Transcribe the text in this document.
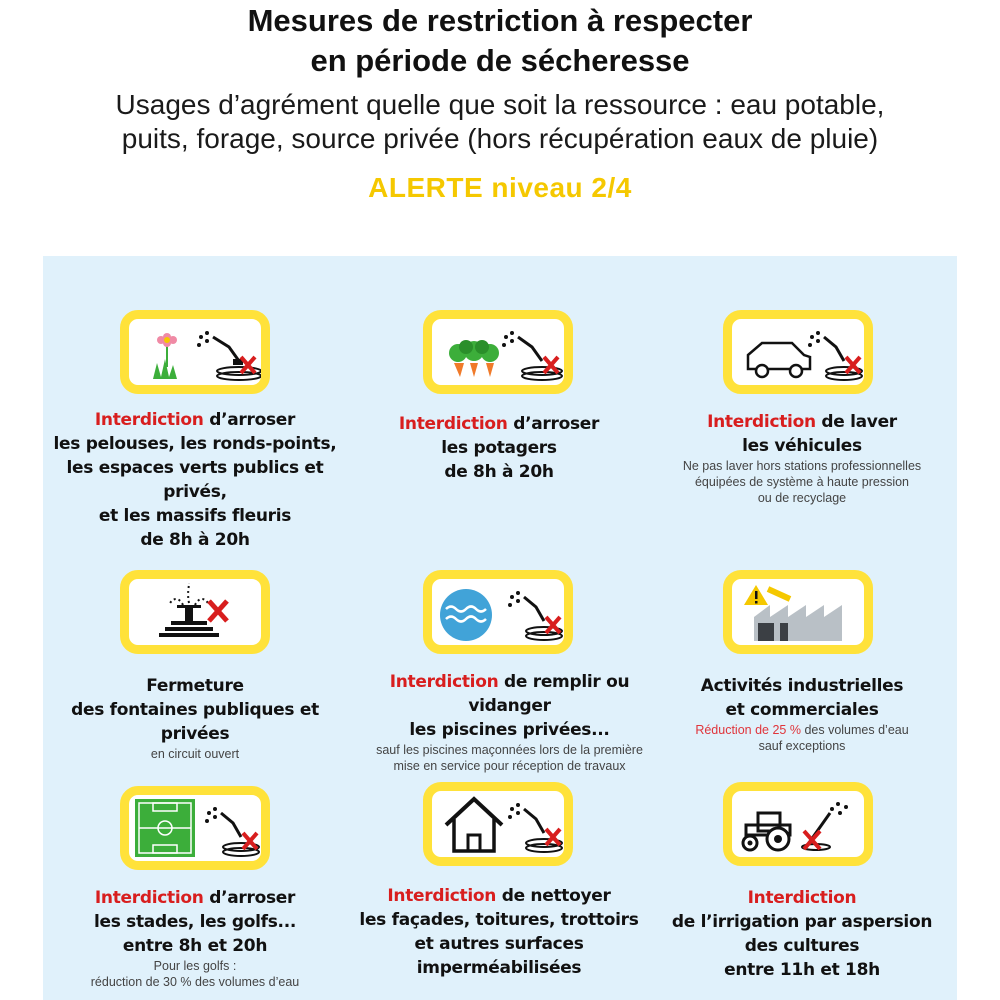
Mesures de restriction à respecter
en période de sécheresse
Usages d’agrément quelle que soit la ressource : eau potable,
puits, forage, source privée (hors récupération eaux de pluie)
ALERTE niveau 2/4
Interdiction d’arroser
les pelouses, les ronds-points,
les espaces verts publics et privés,
et les massifs fleuris
de 8h à 20h
Interdiction d’arroser
les potagers
de 8h à 20h
Interdiction de laver
les véhicules
Ne pas laver hors stations professionnelles
équipées de système à haute pression
ou de recyclage
Fermeture
des fontaines publiques et privées
en circuit ouvert
Interdiction de remplir ou vidanger
les piscines privées...
sauf les piscines maçonnées lors de la première
mise en service pour réception de travaux
Activités industrielles
et commerciales
Réduction de 25 % des volumes d’eau
sauf exceptions
Interdiction d’arroser
les stades, les golfs...
entre 8h et 20h
Pour les golfs :
réduction de 30 % des volumes d’eau
Interdiction de nettoyer
les façades, toitures, trottoirs
et autres surfaces imperméabilisées
Interdiction
de l’irrigation par aspersion
des cultures
entre 11h et 18h
